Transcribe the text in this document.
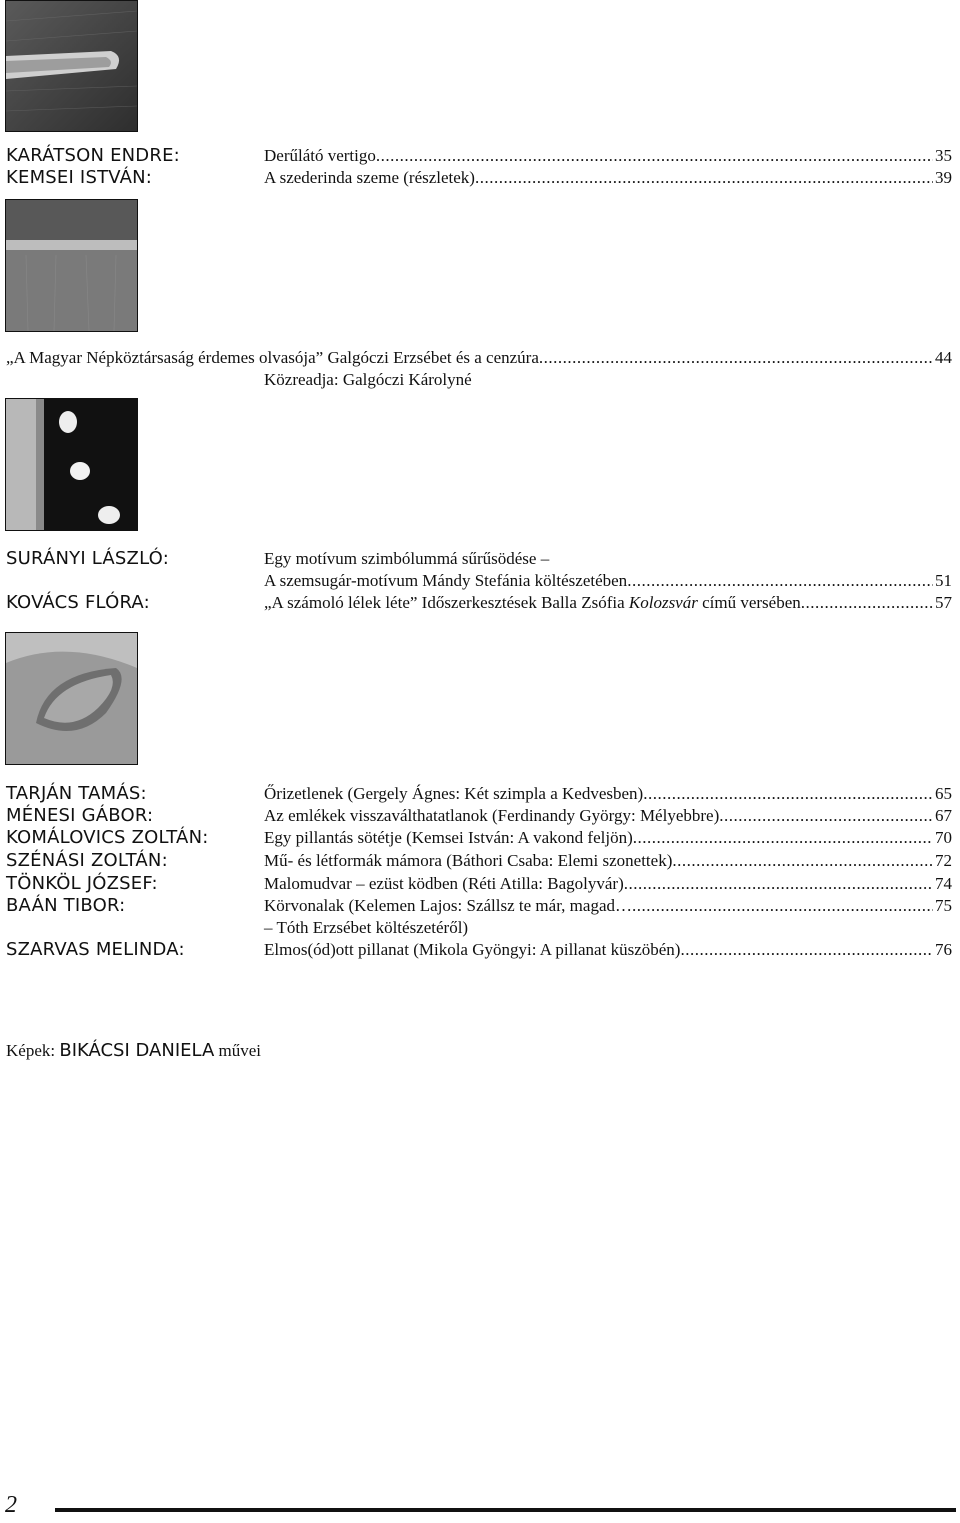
KARÁTSON ENDRE:	Derűlátó vertigo .....	35
KEMSEI ISTVÁN:	A szederinda szeme (részletek) .....	39
„A Magyar Népköztársaság érdemes olvasója” Galgóczi Erzsébet és a cenzúra .....	44
Közreadja: Galgóczi Károlyné
SURÁNYI LÁSZLÓ:	Egy motívum szimbólummá sűrűsödése –
A szemsugár-motívum Mándy Stefánia költészetében .....	51
KOVÁCS FLÓRA:	„A számoló lélek léte” Időszerkesztések Balla Zsófia Kolozsvár című versében .....	57
TARJÁN TAMÁS:	Őrizetlenek (Gergely Ágnes: Két szimpla a Kedvesben) .....	65
MÉNESI GÁBOR:	Az emlékek visszaválthatatlanok (Ferdinandy György: Mélyebbre) .....	67
KOMÁLOVICS ZOLTÁN:	Egy pillantás sötétje (Kemsei István: A vakond feljön) .....	70
SZÉNÁSI ZOLTÁN:	Mű- és létformák mámora (Báthori Csaba: Elemi szonettek) .....	72
TÖNKÖL JÓZSEF:	Malomudvar – ezüst ködben (Réti Atilla: Bagolyvár) .....	74
BAÁN TIBOR:	Körvonalak (Kelemen Lajos: Szállsz te már, magad… .....	75
– Tóth Erzsébet költészetéről)
SZARVAS MELINDA:	Elmos(ód)ott pillanat (Mikola Gyöngyi: A pillanat küszöbén) .....	76
Képek: BIKÁCSI DANIELA művei
2
